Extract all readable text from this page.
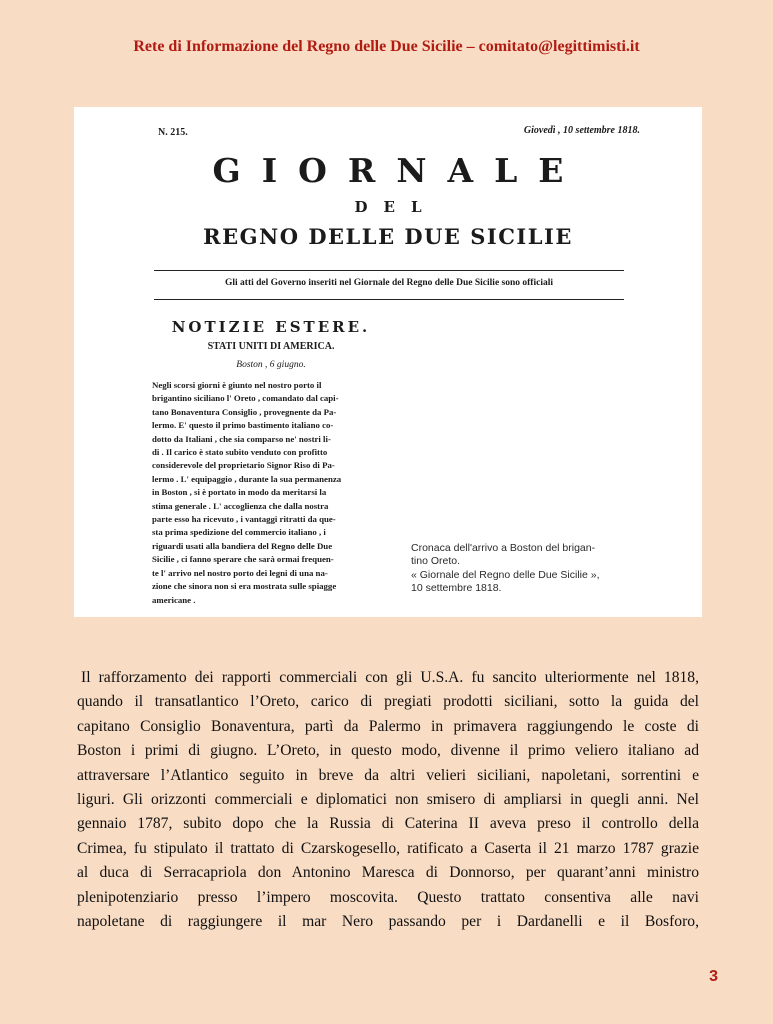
Rete di Informazione del Regno delle Due Sicilie – comitato@legittimisti.it
N. 215.	Giovedì , 10 settembre 1818.
GIORNALE
DEL
REGNO DELLE DUE SICILIE
Gli atti del Governo inseriti nel Giornale del Regno delle Due Sicilie sono officiali
NOTIZIE ESTERE.
STATI UNITI DI AMERICA.
Boston , 6 giugno.
Negli scorsi giorni è giunto nel nostro porto il
brigantino siciliano l' Oreto , comandato dal capi-
tano Bonaventura Consiglio , provegnente da Pa-
lermo. E' questo il primo bastimento italiano co-
dotto da Italiani , che sia comparso ne' nostri li-
di . Il carico è stato subito venduto con profitto
considerevole del proprietario Signor Riso di Pa-
lermo . L' equipaggio , durante la sua permanenza
in Boston , si è portato in modo da meritarsi la
stima generale . L' accoglienza che dalla nostra
parte esso ha ricevuto , i vantaggi ritratti da que-
sta prima spedizione del commercio italiano , i
riguardi usati alla bandiera del Regno delle Due
Sicilie , ci fanno sperare che sarà ormai frequen-
te l' arrivo nel nostro porto dei legni di una na-
zione che sinora non si era mostrata sulle spiagge
americane .
Cronaca dell'arrivo a Boston del brigan-
tino Oreto.
« Giornale del Regno delle Due Sicilie »,
10 settembre 1818.
Il rafforzamento dei rapporti commerciali con gli U.S.A. fu sancito ulteriormente nel 1818,
quando il transatlantico l’Oreto, carico di pregiati prodotti siciliani, sotto la guida del
capitano Consiglio Bonaventura, partì da Palermo in primavera raggiungendo le coste di
Boston i primi di giugno. L’Oreto, in questo modo, divenne il primo veliero italiano ad
attraversare l’Atlantico seguito in breve da altri velieri siciliani, napoletani, sorrentini e
liguri. Gli orizzonti commerciali e diplomatici non smisero di ampliarsi in quegli anni. Nel
gennaio 1787, subito dopo che la Russia di Caterina II aveva preso il controllo della
Crimea, fu stipulato il trattato di Czarskogesello, ratificato a Caserta il 21 marzo 1787 grazie
al duca di Serracapriola don Antonino Maresca di Donnorso, per quarant’anni ministro
plenipotenziario presso l’impero moscovita. Questo trattato consentiva alle navi
napoletane di raggiungere il mar Nero passando per i Dardanelli e il Bosforo,
3
